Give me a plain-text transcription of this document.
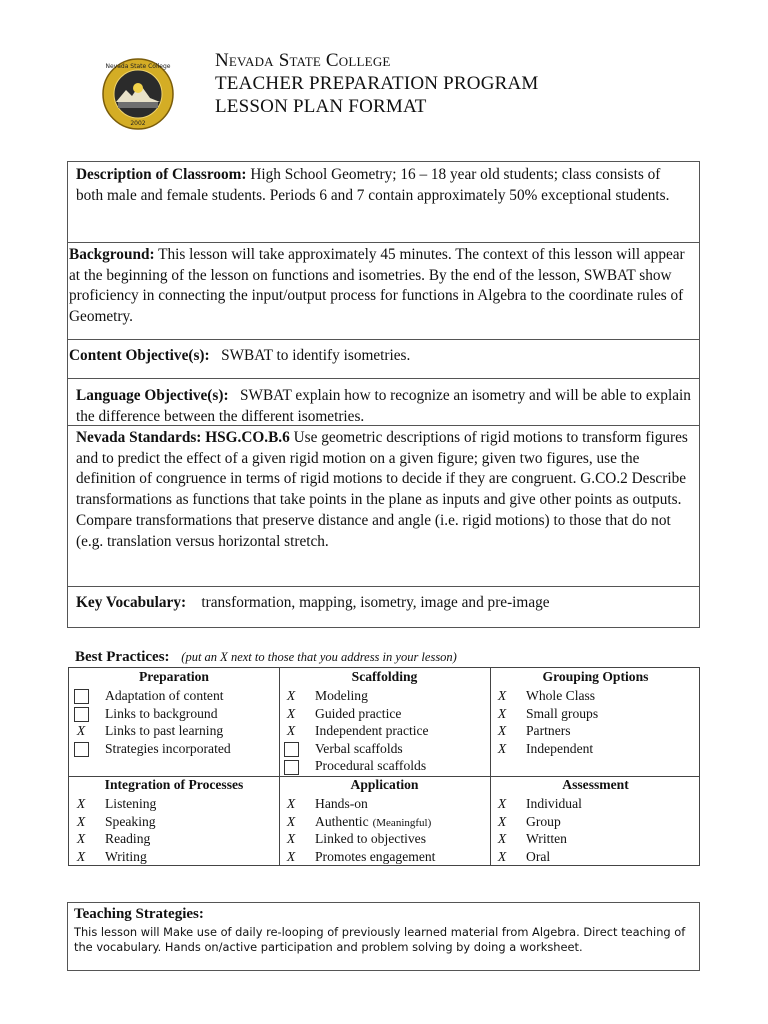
Nevada State College
2002
Nevada State College
TEACHER PREPARATION PROGRAM
LESSON PLAN FORMAT
Description of Classroom: High School Geometry; 16 – 18 year old students; class consists of both male and female students. Periods 6 and 7 contain approximately 50% exceptional students.
Background: This lesson will take approximately 45 minutes. The context of this lesson will appear at the beginning of the lesson on functions and isometries. By the end of the lesson, SWBAT show proficiency in connecting the input/output process for functions in Algebra to the coordinate rules of Geometry.
Content Objective(s): SWBAT to identify isometries.
Language Objective(s): SWBAT explain how to recognize an isometry and will be able to explain the difference between the different isometries.
Nevada Standards: HSG.CO.B.6 Use geometric descriptions of rigid motions to transform figures and to predict the effect of a given rigid motion on a given figure; given two figures, use the definition of congruence in terms of rigid motions to decide if they are congruent. G.CO.2 Describe transformations as functions that take points in the plane as inputs and give other points as outputs. Compare transformations that preserve distance and angle (i.e. rigid motions) to those that do not (e.g. translation versus horizontal stretch.
Key Vocabulary: transformation, mapping, isometry, image and pre-image
Best Practices: (put an X next to those that you address in your lesson)
Preparation
Adaptation of content
Links to background
X Links to past learning
Strategies incorporated
Scaffolding
X Modeling
X Guided practice
X Independent practice
Verbal scaffolds
Procedural scaffolds
Grouping Options
X Whole Class
X Small groups
X Partners
X Independent
Integration of Processes
X Listening
X Speaking
X Reading
X Writing
Application
X Hands-on
X Authentic (Meaningful)
X Linked to objectives
X Promotes engagement
Assessment
X Individual
X Group
X Written
X Oral
Teaching Strategies:
This lesson will Make use of daily re-looping of previously learned material from Algebra. Direct teaching of the vocabulary. Hands on/active participation and problem solving by doing a worksheet.
